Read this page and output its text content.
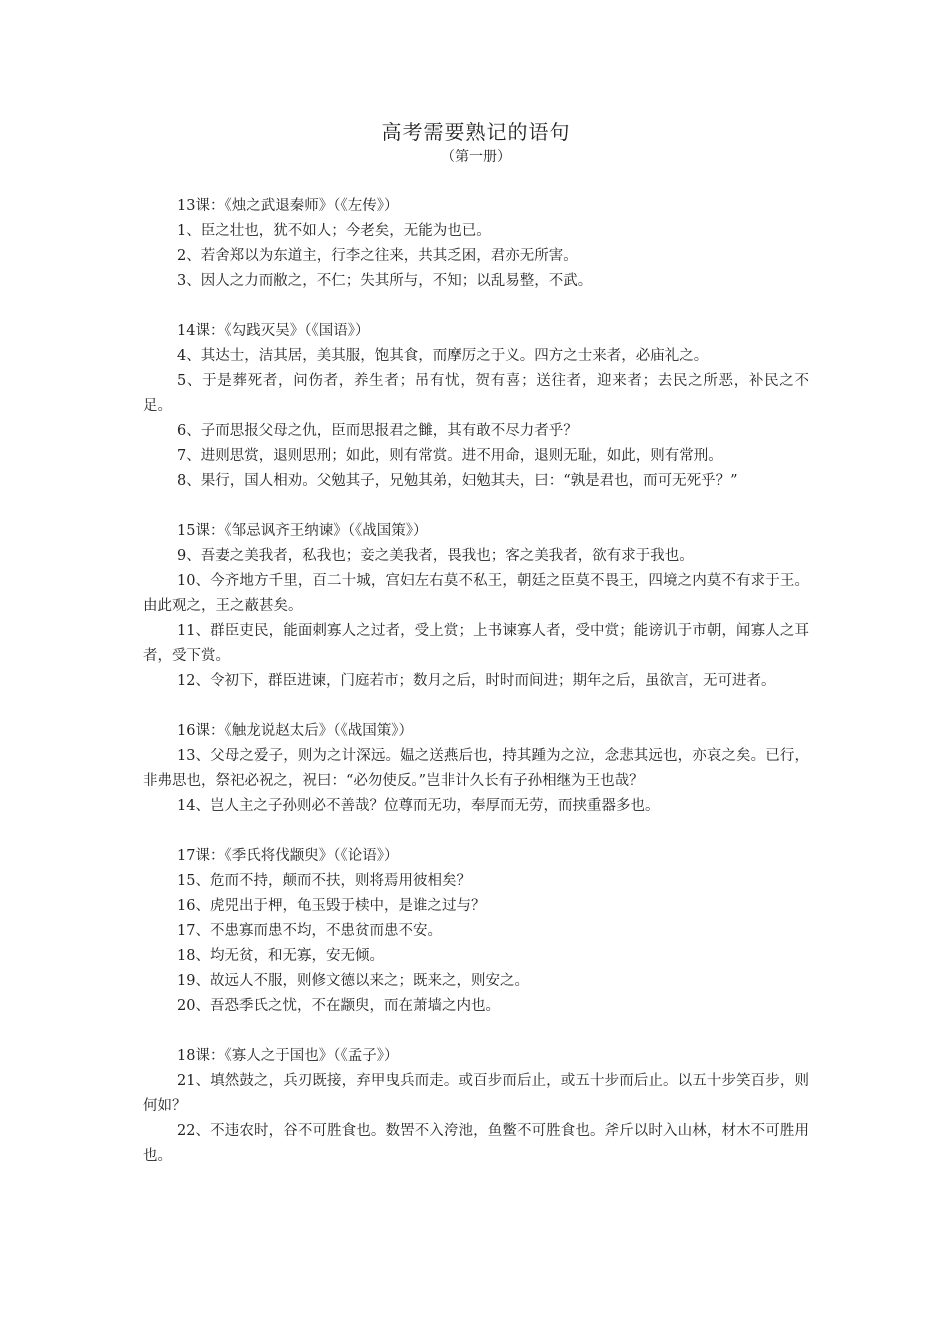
高考需要熟记的语句
（第一册）

13课：《烛之武退秦师》（《左传》）

1、臣之壮也，犹不如人；今老矣，无能为也已。

2、若舍郑以为东道主，行李之往来，共其乏困，君亦无所害。

3、因人之力而敝之，不仁；失其所与，不知；以乱易整，不武。

14课：《勾践灭吴》（《国语》）

4、其达士，洁其居，美其服，饱其食，而摩厉之于义。四方之士来者，必庙礼之。

5、于是葬死者，问伤者，养生者；吊有忧，贺有喜；送往者，迎来者；去民之所恶，补民之不足。

6、子而思报父母之仇，臣而思报君之雠，其有敢不尽力者乎？

7、进则思赏，退则思刑；如此，则有常赏。进不用命，退则无耻，如此，则有常刑。

8、果行，国人相劝。父勉其子，兄勉其弟，妇勉其夫，曰：“孰是君也，而可无死乎？”

15课：《邹忌讽齐王纳谏》（《战国策》）

9、吾妻之美我者，私我也；妾之美我者，畏我也；客之美我者，欲有求于我也。

10、今齐地方千里，百二十城，宫妇左右莫不私王，朝廷之臣莫不畏王，四境之内莫不有求于王。由此观之，王之蔽甚矣。

11、群臣吏民，能面刺寡人之过者，受上赏；上书谏寡人者，受中赏；能谤讥于市朝，闻寡人之耳者，受下赏。

12、令初下，群臣进谏，门庭若市；数月之后，时时而间进；期年之后，虽欲言，无可进者。

16课：《触龙说赵太后》（《战国策》）

13、父母之爱子，则为之计深远。媪之送燕后也，持其踵为之泣，念悲其远也，亦哀之矣。已行，非弗思也，祭祀必祝之，祝曰：“必勿使反。”岂非计久长有子孙相继为王也哉？

14、岂人主之子孙则必不善哉？位尊而无功，奉厚而无劳，而挟重器多也。

17课：《季氏将伐颛臾》（《论语》）

15、危而不持，颠而不扶，则将焉用彼相矣？

16、虎兕出于柙，龟玉毁于椟中，是谁之过与？

17、不患寡而患不均，不患贫而患不安。

18、均无贫，和无寡，安无倾。

19、故远人不服，则修文德以来之；既来之，则安之。

20、吾恐季氏之忧，不在颛臾，而在萧墙之内也。

18课：《寡人之于国也》（《孟子》）

21、填然鼓之，兵刃既接，弃甲曳兵而走。或百步而后止，或五十步而后止。以五十步笑百步，则何如？

22、不违农时，谷不可胜食也。数罟不入洿池，鱼鳖不可胜食也。斧斤以时入山林，材木不可胜用也。
